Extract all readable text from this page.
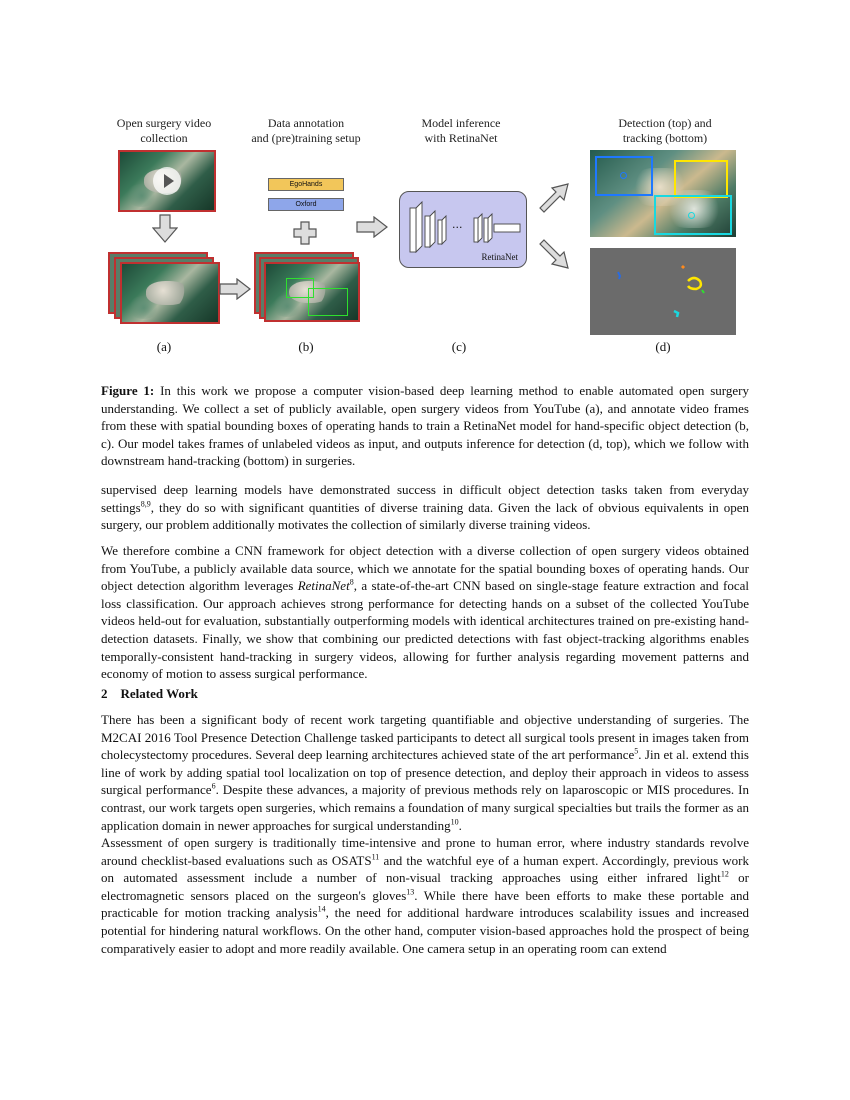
Open surgery video
collection
Data annotation
and (pre)training setup
Model inference
with RetinaNet
Detection (top) and
tracking (bottom)
EgoHands
Oxford
...
RetinaNet
(a)	(b)	(c)	(d)
Figure 1: In this work we propose a computer vision-based deep learning method to enable automated open surgery understanding. We collect a set of publicly available, open surgery videos from YouTube (a), and annotate video frames from these with spatial bounding boxes of operating hands to train a RetinaNet model for hand-specific object detection (b, c). Our model takes frames of unlabeled videos as input, and outputs inference for detection (d, top), which we follow with downstream hand-tracking (bottom) in surgeries.
supervised deep learning models have demonstrated success in difficult object detection tasks taken from everyday settings$^{8,9}$, they do so with significant quantities of diverse training data. Given the lack of obvious equivalents in open surgery, our problem additionally motivates the collection of similarly diverse training videos.
We therefore combine a CNN framework for object detection with a diverse collection of open surgery videos obtained from YouTube, a publicly available data source, which we annotate for the spatial bounding boxes of operating hands. Our object detection algorithm leverages RetinaNet$^8$, a state-of-the-art CNN based on single-stage feature extraction and focal loss classification. Our approach achieves strong performance for detecting hands on a subset of the collected YouTube videos held-out for evaluation, substantially outperforming models with identical architectures trained on pre-existing hand-detection datasets. Finally, we show that combining our predicted detections with fast object-tracking algorithms enables temporally-consistent hand-tracking in surgery videos, allowing for further analysis regarding movement patterns and economy of motion to assess surgical performance.
2 Related Work
There has been a significant body of recent work targeting quantifiable and objective understanding of surgeries. The M2CAI 2016 Tool Presence Detection Challenge tasked participants to detect all surgical tools present in images taken from cholecystectomy procedures. Several deep learning architectures achieved state of the art performance$^5$. Jin et al. extend this line of work by adding spatial tool localization on top of presence detection, and deploy their approach in videos to assess surgical performance$^6$. Despite these advances, a majority of previous methods rely on laparoscopic or MIS procedures. In contrast, our work targets open surgeries, which remains a foundation of many surgical specialties but trails the former as an application domain in newer approaches for surgical understanding$^{10}$.
Assessment of open surgery is traditionally time-intensive and prone to human error, where industry standards revolve around checklist-based evaluations such as OSATS$^{11}$ and the watchful eye of a human expert. Accordingly, previous work on automated assessment include a number of non-visual tracking approaches using either infrared light$^{12}$ or electromagnetic sensors placed on the surgeon's gloves$^{13}$. While there have been efforts to make these portable and practicable for motion tracking analysis$^{14}$, the need for additional hardware introduces scalability issues and increased potential for hindering natural workflows. On the other hand, computer vision-based approaches hold the prospect of being comparatively easier to adopt and more readily available. One camera setup in an operating room can extend
